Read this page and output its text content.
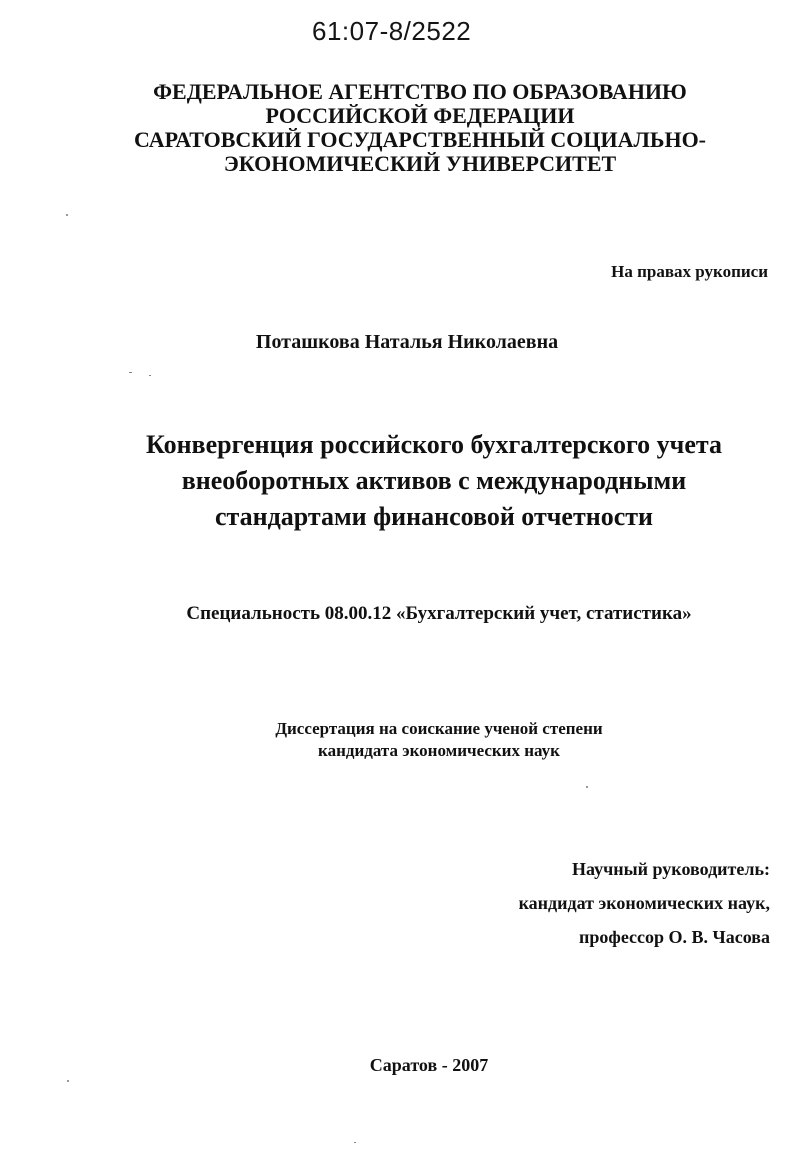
61:07-8/2522
ФЕДЕРАЛЬНОЕ АГЕНТСТВО ПО ОБРАЗОВАНИЮ
РОССИЙСКОЙ ФЕДЕРАЦИИ
САРАТОВСКИЙ ГОСУДАРСТВЕННЫЙ СОЦИАЛЬНО-
ЭКОНОМИЧЕСКИЙ УНИВЕРСИТЕТ
На правах рукописи
Поташкова Наталья Николаевна
Конвергенция российского бухгалтерского учета
внеоборотных активов с международными
стандартами финансовой отчетности
Специальность 08.00.12 «Бухгалтерский учет, статистика»
Диссертация на соискание ученой степени
кандидата экономических наук
Научный руководитель:
кандидат экономических наук,
профессор О. В. Часова
Саратов - 2007
